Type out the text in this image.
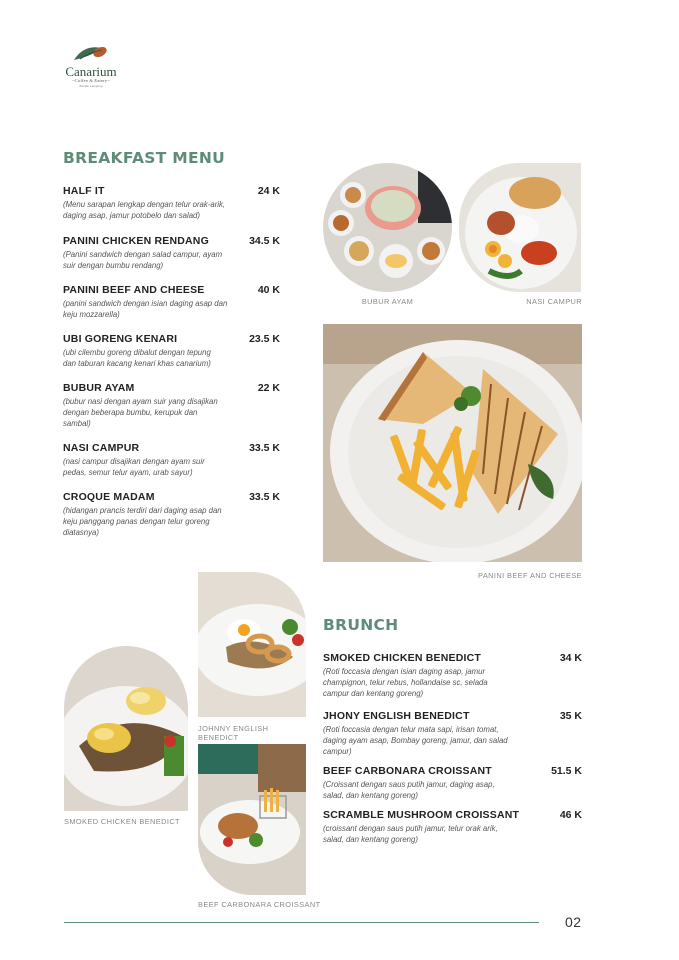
Canarium
~Coffee & Eatery~
Bandar Lampung
BREAKFAST MENU
HALF IT
(Menu sarapan lengkap dengan telur orak-arik,
daging asap, jamur potobelo dan salad)
24 K
PANINI CHICKEN RENDANG
(Panini sandwich dengan salad campur, ayam
suir dengan bumbu rendang)
34.5 K
PANINI BEEF AND CHEESE
(panini sandwich dengan isian daging asap dan
keju mozzarella)
40 K
UBI GORENG KENARI
(ubi cilembu goreng dibalut dengan tepung
dan taburan kacang kenari khas canarium)
23.5 K
BUBUR AYAM
(bubur nasi dengan ayam suir yang disajikan
dengan beberapa bumbu, kerupuk dan
sambal)
22 K
NASI CAMPUR
(nasi campur disajikan dengan ayam suir
pedas, semur telur ayam, urab sayur)
33.5 K
CROQUE MADAM
(hidangan prancis terdiri dari daging asap dan
keju panggang panas dengan telur goreng
diatasnya)
33.5 K
BUBUR AYAM	NASI CAMPUR
PANINI BEEF AND CHEESE
JOHNNY ENGLISH BENEDICT
SMOKED CHICKEN BENEDICT
BEEF CARBONARA CROISSANT
BRUNCH
SMOKED CHICKEN BENEDICT
(Roti foccasia dengan isian daging asap, jamur
champignon, telur rebus, hollandaise sc, selada
campur dan kentang goreng)
34 K
JHONY ENGLISH BENEDICT
(Roti foccasia dengan telur mata sapi, irisan tomat,
daging ayam asap, Bombay goreng, jamur, dan salad
campur)
35 K
BEEF CARBONARA CROISSANT
(Croissant dengan saus putih jamur, daging asap,
salad, dan kentang goreng)
51.5 K
SCRAMBLE MUSHROOM CROISSANT
(croissant dengan saus putih jamur, telur orak arik,
salad, dan kentang goreng)
46 K
02
